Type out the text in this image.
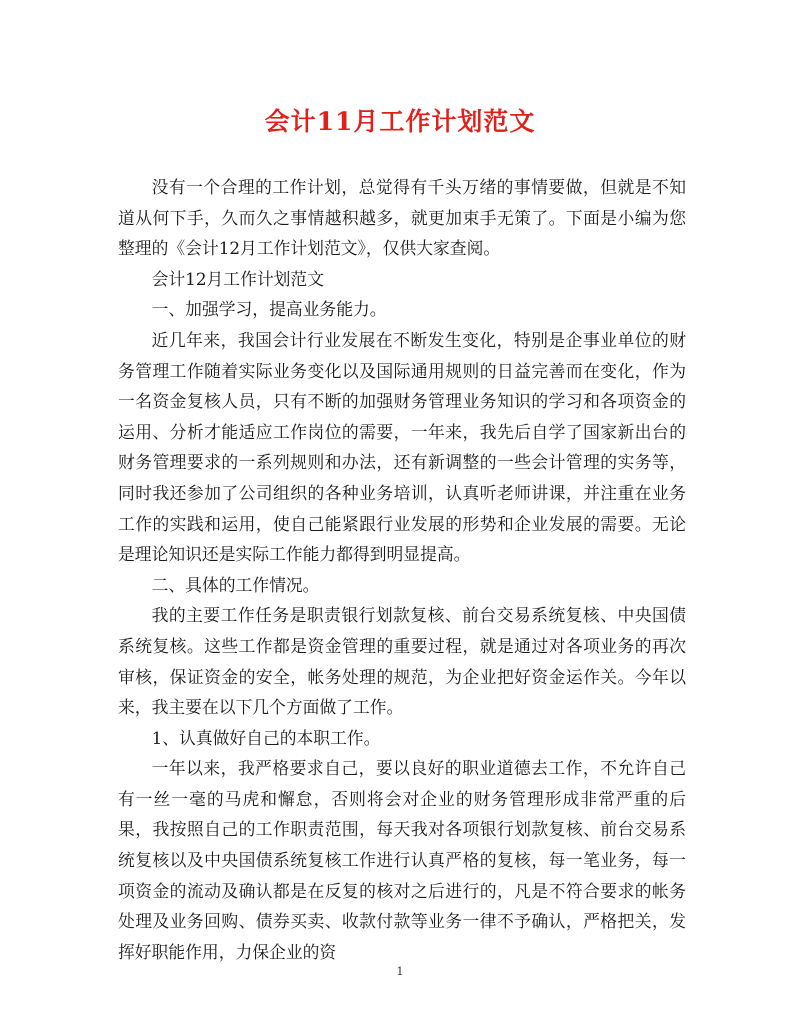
会计11月工作计划范文

没有一个合理的工作计划，总觉得有千头万绪的事情要做，但就是不知道从何下手，久而久之事情越积越多，就更加束手无策了。下面是小编为您整理的《会计12月工作计划范文》，仅供大家查阅。

会计12月工作计划范文

一、加强学习，提高业务能力。

近几年来，我国会计行业发展在不断发生变化，特别是企事业单位的财务管理工作随着实际业务变化以及国际通用规则的日益完善而在变化，作为一名资金复核人员，只有不断的加强财务管理业务知识的学习和各项资金的运用、分析才能适应工作岗位的需要，一年来，我先后自学了国家新出台的财务管理要求的一系列规则和办法，还有新调整的一些会计管理的实务等，同时我还参加了公司组织的各种业务培训，认真听老师讲课，并注重在业务工作的实践和运用，使自己能紧跟行业发展的形势和企业发展的需要。无论是理论知识还是实际工作能力都得到明显提高。

二、具体的工作情况。

我的主要工作任务是职责银行划款复核、前台交易系统复核、中央国债系统复核。这些工作都是资金管理的重要过程，就是通过对各项业务的再次审核，保证资金的安全，帐务处理的规范，为企业把好资金运作关。今年以来，我主要在以下几个方面做了工作。

1、认真做好自己的本职工作。

一年以来，我严格要求自己，要以良好的职业道德去工作，不允许自己有一丝一毫的马虎和懈怠，否则将会对企业的财务管理形成非常严重的后果，我按照自己的工作职责范围，每天我对各项银行划款复核、前台交易系统复核以及中央国债系统复核工作进行认真严格的复核，每一笔业务，每一项资金的流动及确认都是在反复的核对之后进行的，凡是不符合要求的帐务处理及业务回购、债券买卖、收款付款等业务一律不予确认，严格把关，发挥好职能作用，力保企业的资

1
